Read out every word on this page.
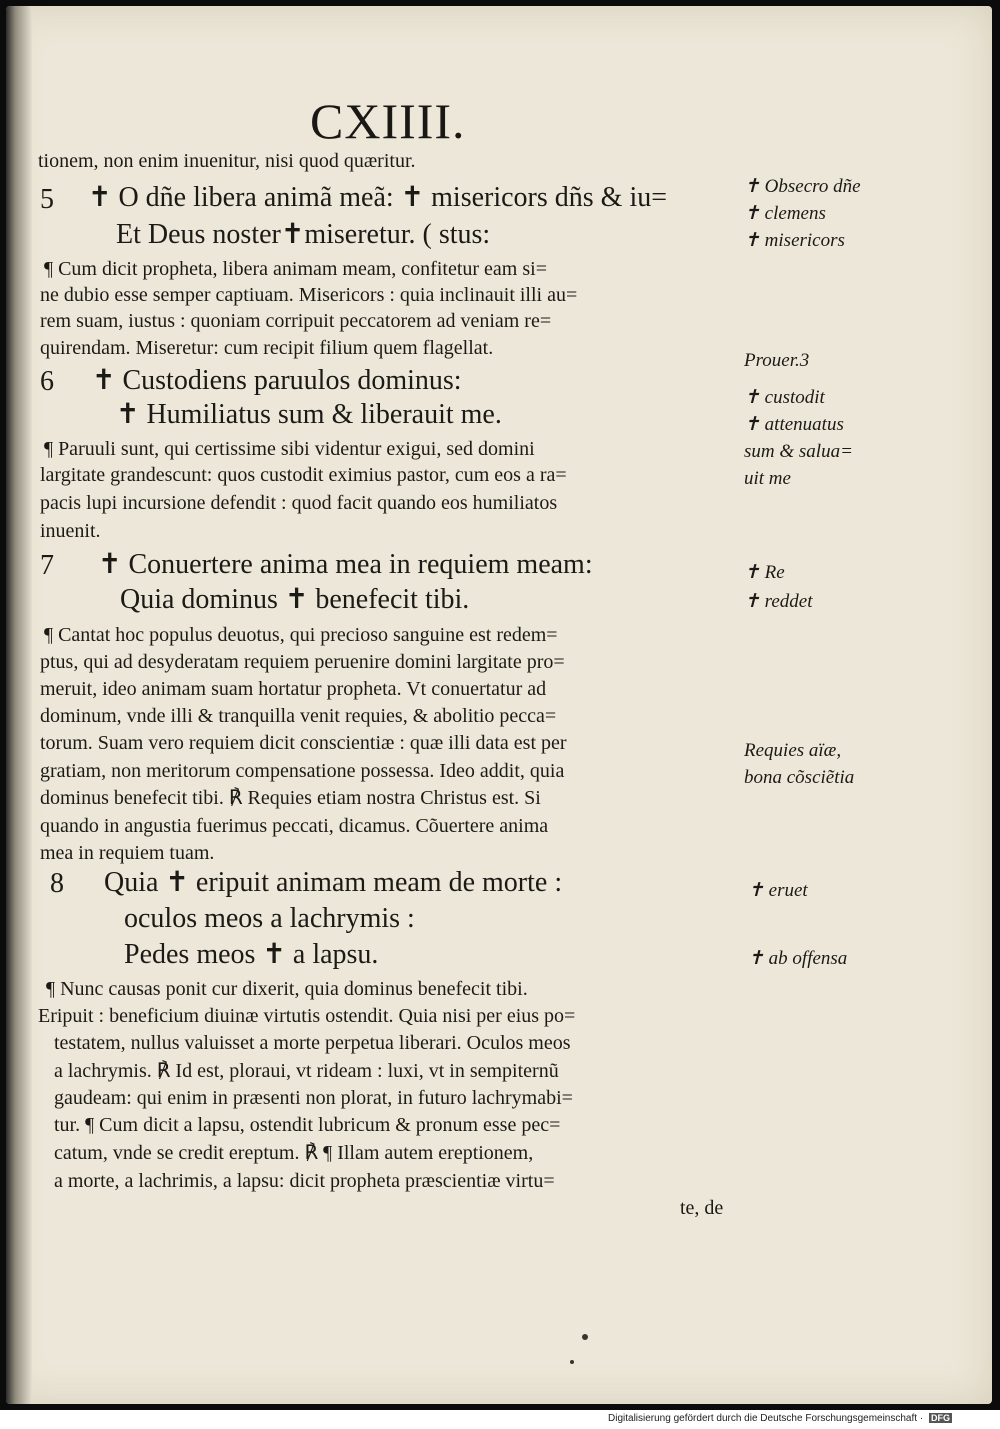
CXIIII.
5
6
7
8
tionem, non enim inuenitur, nisi quod quæritur.
✝ O dñe libera animã meã: ✝ misericors dñs & iu=
Et Deus noster✝miseretur. ( stus:
¶ Cum dicit propheta, libera animam meam, confitetur eam si=
ne dubio esse semper captiuam. Misericors : quia inclinauit illi au=
rem suam, iustus : quoniam corripuit peccatorem ad veniam re=
quirendam. Miseretur: cum recipit filium quem flagellat.
✝ Custodiens paruulos dominus:
✝ Humiliatus sum & liberauit me.
¶ Paruuli sunt, qui certissime sibi videntur exigui, sed domini
largitate grandescunt: quos custodit eximius pastor, cum eos a ra=
pacis lupi incursione defendit : quod facit quando eos humiliatos
inuenit.
✝ Conuertere anima mea in requiem meam:
Quia dominus ✝ benefecit tibi.
¶ Cantat hoc populus deuotus, qui precioso sanguine est redem=
ptus, qui ad desyderatam requiem peruenire domini largitate pro=
meruit, ideo animam suam hortatur propheta. Vt conuertatur ad
dominum, vnde illi & tranquilla venit requies, & abolitio pecca=
torum. Suam vero requiem dicit conscientiæ : quæ illi data est per
gratiam, non meritorum compensatione possessa. Ideo addit, quia
dominus benefecit tibi. ℟ Requies etiam nostra Christus est. Si
quando in angustia fuerimus peccati, dicamus. Cõuertere anima
mea in requiem tuam.
Quia ✝ eripuit animam meam de morte :
oculos meos a lachrymis :
Pedes meos ✝ a lapsu.
¶ Nunc causas ponit cur dixerit, quia dominus benefecit tibi.
Eripuit : beneficium diuinæ virtutis ostendit. Quia nisi per eius po=
testatem, nullus valuisset a morte perpetua liberari. Oculos meos
a lachrymis. ℟ Id est, ploraui, vt rideam : luxi, vt in sempiternũ
gaudeam: qui enim in præsenti non plorat, in futuro lachrymabi=
tur. ¶ Cum dicit a lapsu, ostendit lubricum & pronum esse pec=
catum, vnde se credit ereptum. ℟ ¶ Illam autem ereptionem,
a morte, a lachrimis, a lapsu: dicit propheta præscientiæ virtu=
te, de
✝ Obsecro dñe
✝ clemens
✝ misericors
Prouer.3
✝ custodit
✝ attenuatus
sum & salua=
uit me
✝ Re
✝ reddet
Requies aïæ,
bona cõsciẽtia
✝ eruet
✝ ab offensa
Digitalisierung gefördert durch die Deutsche Forschungsgemeinschaft · DFG
